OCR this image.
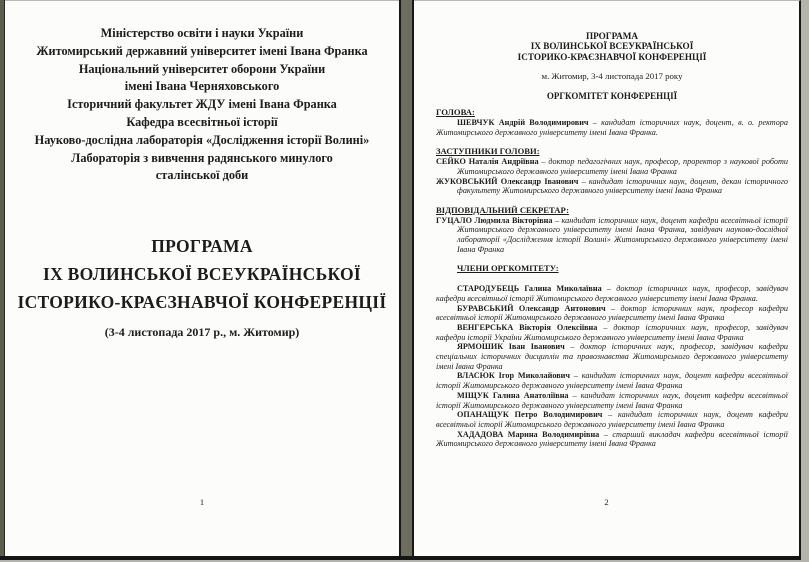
Міністерство освіти і науки України
Житомирський державний університет імені Івана Франка
Національний університет оборони України
імені Івана Черняховського
Історичний факультет ЖДУ імені Івана Франка
Кафедра всесвітньої історії
Науково-дослідна лабораторія «Дослідження історії Волині»
Лабораторія з вивчення радянського минулого
сталінської доби
ПРОГРАМА
IX ВОЛИНСЬКОЇ ВСЕУКРАЇНСЬКОЇ
ІСТОРИКО-КРАЄЗНАВЧОЇ КОНФЕРЕНЦІЇ
(3-4 листопада 2017 р., м. Житомир)
1
ПРОГРАМА
IX ВОЛИНСЬКОЇ ВСЕУКРАЇНСЬКОЇ
ІСТОРИКО-КРАЄЗНАВЧОЇ КОНФЕРЕНЦІЇ
м. Житомир, 3-4 листопада 2017 року
ОРГКОМІТЕТ КОНФЕРЕНЦІЇ
ГОЛОВА:

ШЕВЧУК Андрій Володимирович – кандидат історичних наук, доцент, в. о. ректора Житомирського державного університету імені Івана Франка.

ЗАСТУПНИКИ ГОЛОВИ:

СЕЙКО Наталія Андріївна – доктор педагогічних наук, професор, проректор з наукової роботи Житомирського державного університету імені Івана Франка

ЖУКОВСЬКИЙ Олександр Іванович – кандидат історичних наук, доцент, декан історичного факультету Житомирського державного університету імені Івана Франка

ВІДПОВІДАЛЬНИЙ СЕКРЕТАР:

ГУЦАЛО Людмила Вікторівна – кандидат історичних наук, доцент кафедри всесвітньої історії Житомирського державного університету імені Івана Франка, завідувач науково-дослідної лабораторії «Дослідження історії Волині» Житомирського державного університету імені Івана Франка

ЧЛЕНИ ОРГКОМІТЕТУ:

СТАРОДУБЕЦЬ Галина Миколаївна – доктор історичних наук, професор, завідувач кафедри всесвітньої історії Житомирського державного університету імені Івана Франка.

БУРАВСЬКИЙ Олександр Антонович – доктор історичних наук, професор кафедри всесвітньої історії Житомирського державного університету імені Івана Франка

ВЕНГЕРСЬКА Вікторія Олексіївна – доктор історичних наук, професор, завідувач кафедри історії України Житомирського державного університету імені Івана Франка

ЯРМОШИК Іван Іванович – доктор історичних наук, професор, завідувач кафедри спеціальних історичних дисциплін та правознавства Житомирського державного університету імені Івана Франка

ВЛАСЮК Ігор Миколайович – кандидат історичних наук, доцент кафедри всесвітньої історії Житомирського державного університету імені Івана Франка

МІЩУК Галина Анатоліївна – кандидат історичних наук, доцент кафедри всесвітньої історії Житомирського державного університету імені Івана Франка

ОПАНАЩУК Петро Володимирович – кандидат історичних наук, доцент кафедри всесвітньої історії Житомирського державного університету імені Івана Франка

ХАДАДОВА Марина Володимирівна – старший викладач кафедри всесвітньої історії Житомирського державного університету імені Івана Франка

2
